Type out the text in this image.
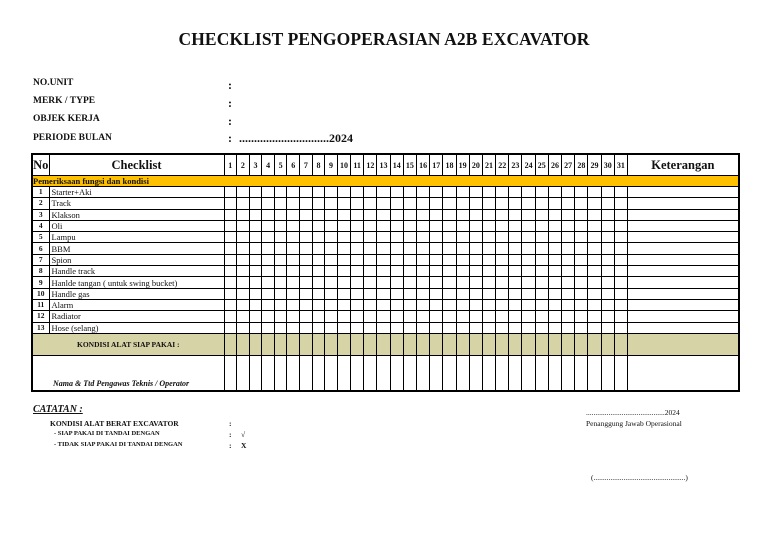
CHECKLIST PENGOPERASIAN A2B EXCAVATOR
NO.UNIT	:
MERK / TYPE	:
OBJEK KERJA	:
PERIODE BULAN	: ..............................2024
No	Checklist	1	2	3	4	5	6	7	8	9	10	11	12	13	14	15	16	17	18	19	20	21	22	23	24	25	26	27	28	29	30	31	Keterangan
Pemeriksaan fungsi dan kondisi																																	
1	Starter+Aki																																
2	Track																																
3	Klakson																																
4	Oli																																
5	Lampu																																
6	BBM																																
7	Spion																																
8	Handle track																																
9	Hanlde tangan ( untuk swing bucket)																																
10	Handle gas																																
11	Alarm																																
12	Radiator																																
13	Hose (selang)																																
KONDISI ALAT SIAP PAKAI :																																	

Nama & Ttd Pengawas Teknis / Operator																																	

CATATAN :
KONDISI ALAT BERAT EXCAVATOR	:
- SIAP PAKAI DI TANDAI DENGAN	: √
- TIDAK SIAP PAKAI DI TANDAI DENGAN	: X
..........................................2024
Penanggung Jawab Operasional
(.................................................)
